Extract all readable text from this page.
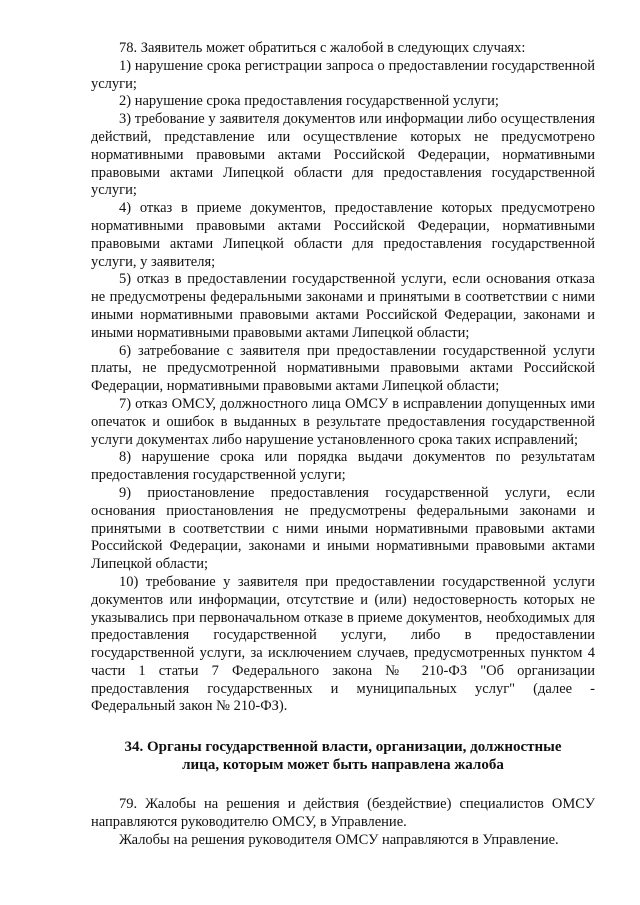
78. Заявитель может обратиться с жалобой в следующих случаях:

1) нарушение срока регистрации запроса о предоставлении государственной услуги;

2) нарушение срока предоставления государственной услуги;

3) требование у заявителя документов или информации либо осуществления действий, представление или осуществление которых не предусмотрено нормативными правовыми актами Российской Федерации, нормативными правовыми актами Липецкой области для предоставления государственной услуги;

4) отказ в приеме документов, предоставление которых предусмотрено нормативными правовыми актами Российской Федерации, нормативными правовыми актами Липецкой области для предоставления государственной услуги, у заявителя;

5) отказ в предоставлении государственной услуги, если основания отказа не предусмотрены федеральными законами и принятыми в соответствии с ними иными нормативными правовыми актами Российской Федерации, законами и иными нормативными правовыми актами Липецкой области;

6) затребование с заявителя при предоставлении государственной услуги платы, не предусмотренной нормативными правовыми актами Российской Федерации, нормативными правовыми актами Липецкой области;

7) отказ ОМСУ, должностного лица ОМСУ в исправлении допущенных ими опечаток и ошибок в выданных в результате предоставления государственной услуги документах либо нарушение установленного срока таких исправлений;

8) нарушение срока или порядка выдачи документов по результатам предоставления государственной услуги;

9) приостановление предоставления государственной услуги, если основания приостановления не предусмотрены федеральными законами и принятыми в соответствии с ними иными нормативными правовыми актами Российской Федерации, законами и иными нормативными правовыми актами Липецкой области;

10) требование у заявителя при предоставлении государственной услуги документов или информации, отсутствие и (или) недостоверность которых не указывались при первоначальном отказе в приеме документов, необходимых для предоставления государственной услуги, либо в предоставлении государственной услуги, за исключением случаев, предусмотренных пунктом 4 части 1 статьи 7 Федерального закона № 210-ФЗ "Об организации предоставления государственных и муниципальных услуг" (далее - Федеральный закон № 210-ФЗ).

34. Органы государственной власти, организации, должностные
лица, которым может быть направлена жалоба

79. Жалобы на решения и действия (бездействие) специалистов ОМСУ направляются руководителю ОМСУ, в Управление.

Жалобы на решения руководителя ОМСУ направляются в Управление.
